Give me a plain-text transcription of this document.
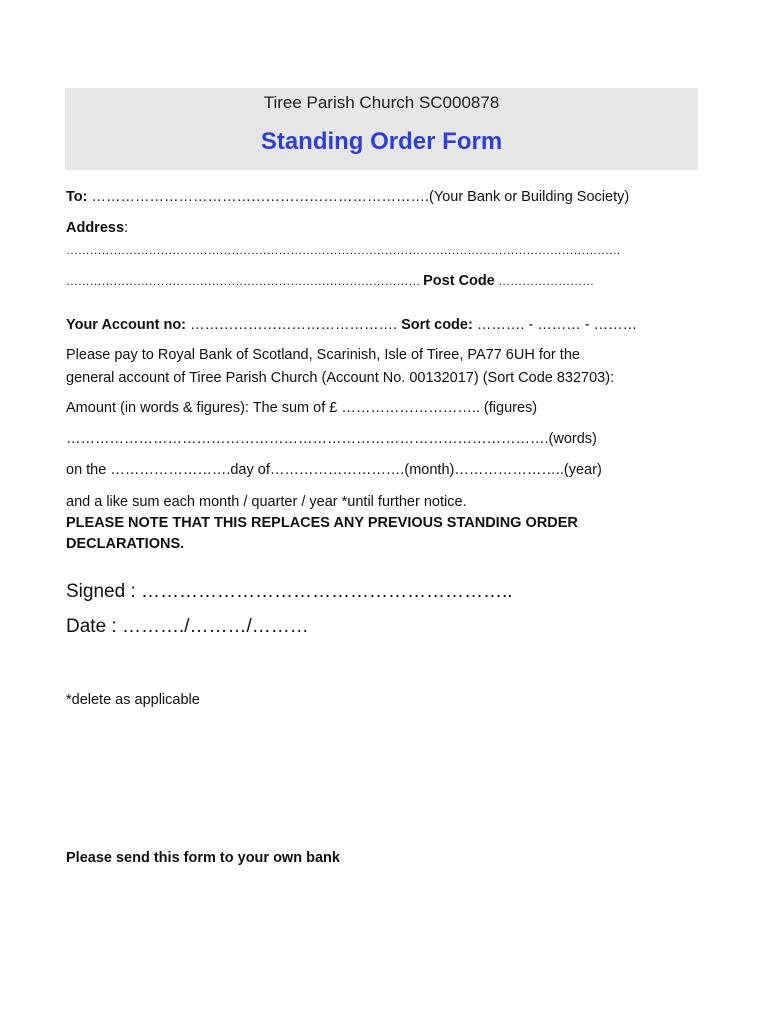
Tiree Parish Church SC000878
Standing Order Form
To: …………………………………………………………….(Your Bank or Building Society)
Address:
……………………………………………………………………………………………………………………………
……………………………………………………………………………… Post Code ……………………
Your Account no: ……………………………………. Sort code: ………. - ……… - ………
Please pay to Royal Bank of Scotland, Scarinish, Isle of Tiree, PA77 6UH for the
general account of Tiree Parish Church (Account No. 00132017) (Sort Code 832703):
Amount (in words & figures): The sum of £ ……………………….. (figures)
……………………………………………………………………………………….(words)
on the …………………….day of……………………….(month)…………………..(year)
and a like sum each month / quarter / year *until further notice.
PLEASE NOTE THAT THIS REPLACES ANY PREVIOUS STANDING ORDER
DECLARATIONS.
Signed : …………………………………………………..
Date : ………./………/………
*delete as applicable
Please send this form to your own bank
